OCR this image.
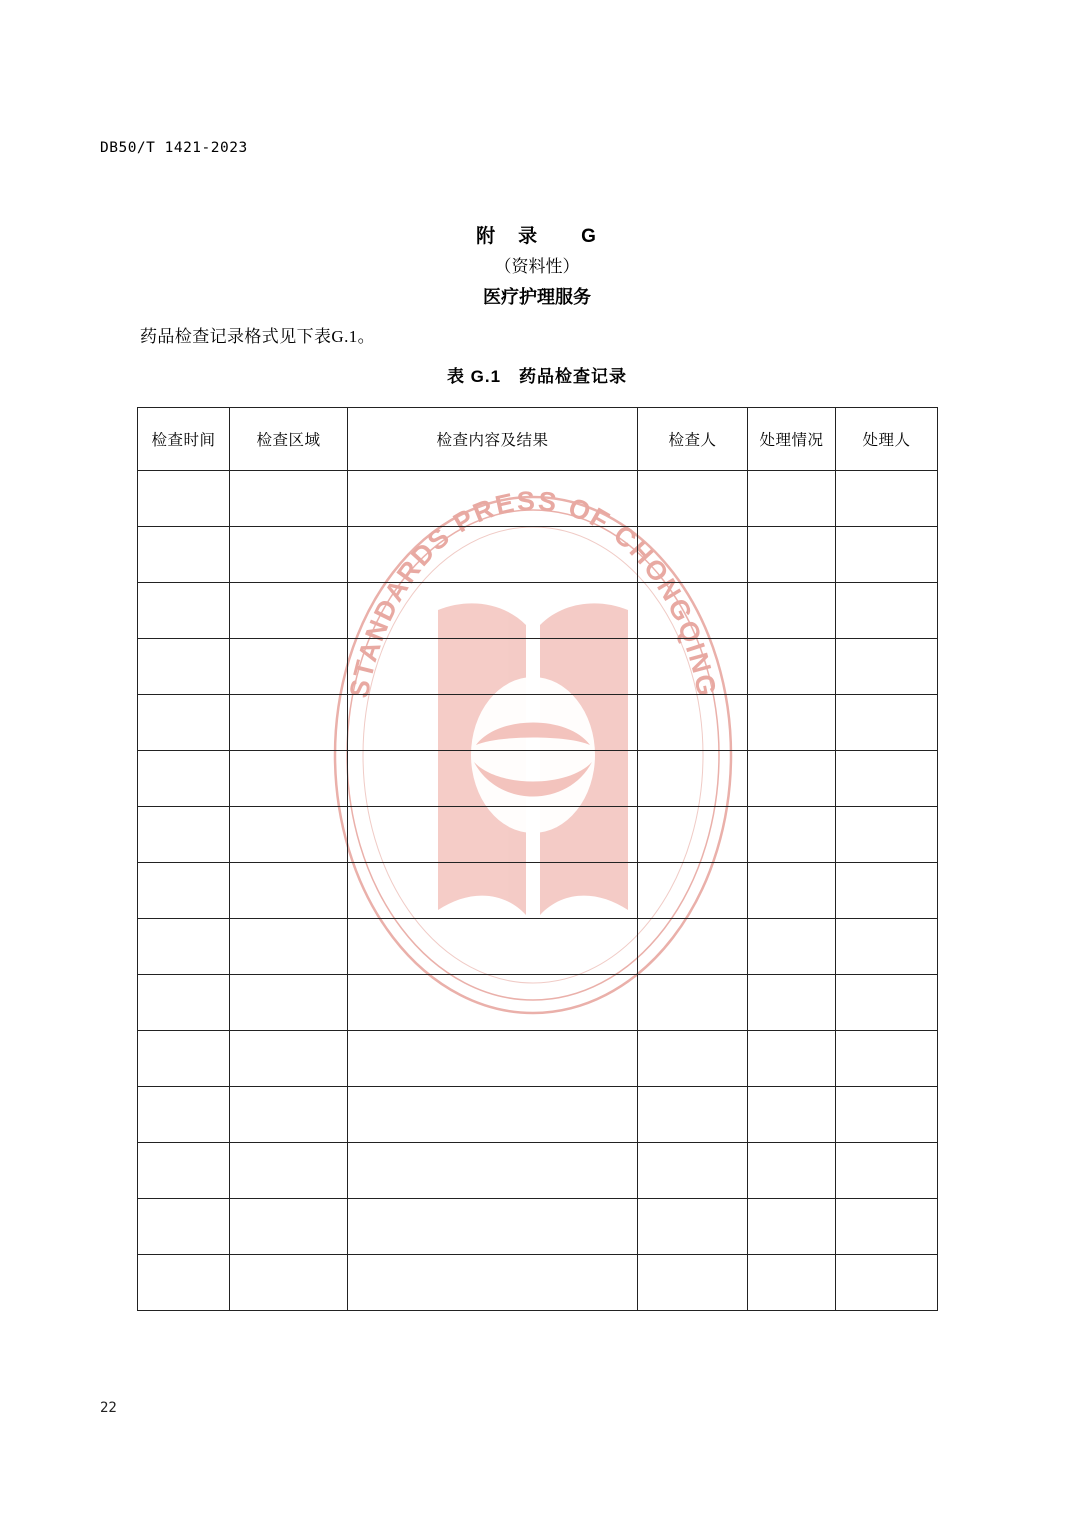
DB50/T 1421-2023
附　录　　G
（资料性）
医疗护理服务
药品检查记录格式见下表G.1。
表 G.1　药品检查记录
STANDARDS PRESS OF CHONGQING
检查时间	检查区域	检查内容及结果	检查人	处理情况	处理人

22
